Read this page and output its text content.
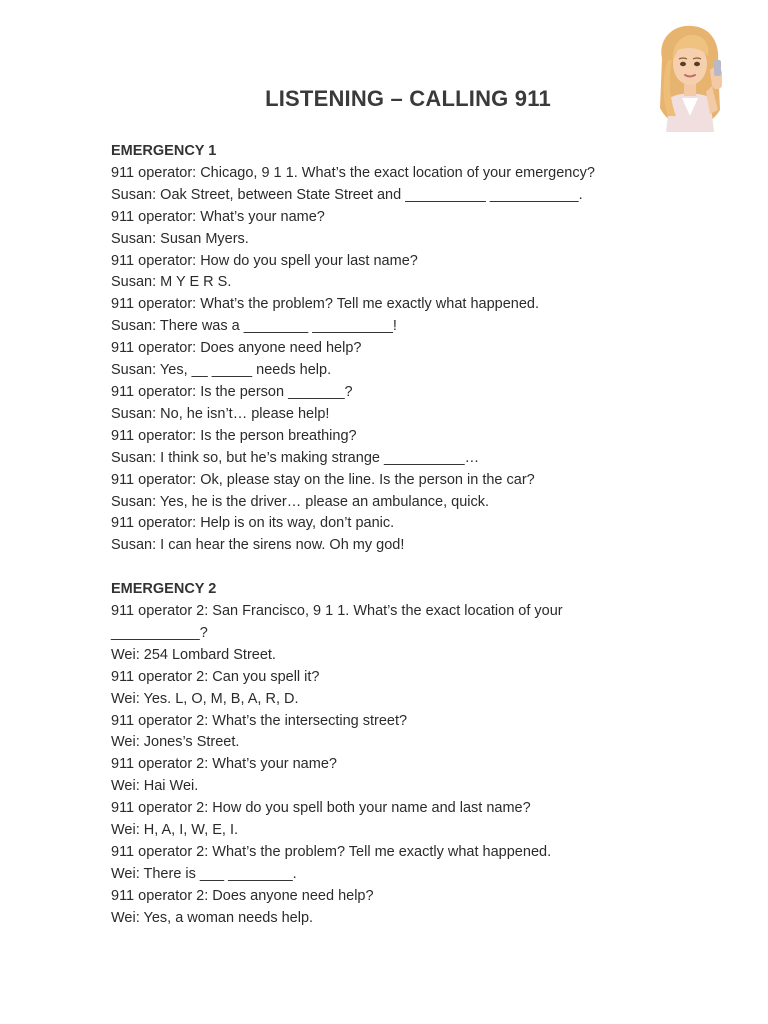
LISTENING – CALLING 911
EMERGENCY 1
911 operator: Chicago, 9 1 1. What’s the exact location of your emergency?
Susan: Oak Street, between State Street and __________ ___________.
911 operator: What’s your name?
Susan: Susan Myers.
911 operator: How do you spell your last name?
Susan: M Y E R S.
911 operator: What’s the problem? Tell me exactly what happened.
Susan: There was a ________ __________!
911 operator: Does anyone need help?
Susan: Yes, __ _____ needs help.
911 operator: Is the person _______?
Susan: No, he isn’t… please help!
911 operator: Is the person breathing?
Susan: I think so, but he’s making strange __________…
911 operator: Ok, please stay on the line. Is the person in the car?
Susan: Yes, he is the driver… please an ambulance, quick.
911 operator: Help is on its way, don’t panic.
Susan: I can hear the sirens now. Oh my god!
EMERGENCY 2
911 operator 2: San Francisco, 9 1 1. What’s the exact location of your
___________?
Wei: 254 Lombard Street.
911 operator 2: Can you spell it?
Wei: Yes. L, O, M, B, A, R, D.
911 operator 2: What’s the intersecting street?
Wei: Jones’s Street.
911 operator 2: What’s your name?
Wei: Hai Wei.
911 operator 2: How do you spell both your name and last name?
Wei: H, A, I, W, E, I.
911 operator 2: What’s the problem? Tell me exactly what happened.
Wei: There is ___ ________.
911 operator 2: Does anyone need help?
Wei: Yes, a woman needs help.
